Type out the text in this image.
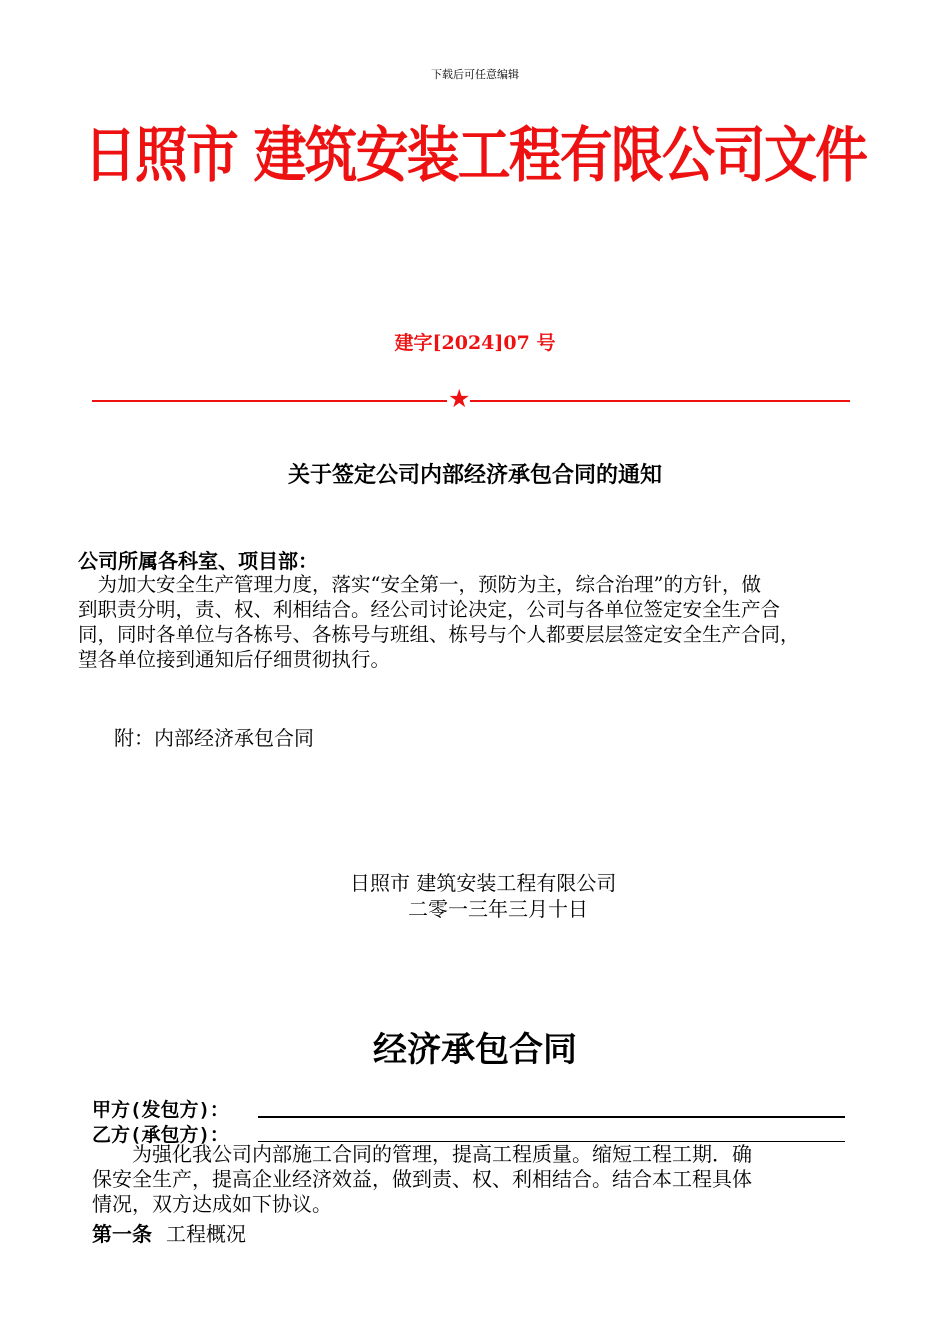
下载后可任意编辑
日照市 建筑安装工程有限公司文件
建字[2024]07 号
★
关于签定公司内部经济承包合同的通知
公司所属各科室、项目部：
　为加大安全生产管理力度，落实“安全第一，预防为主，综合治理”的方针，做
到职责分明，责、权、利相结合。经公司讨论决定，公司与各单位签定安全生产合
同，同时各单位与各栋号、各栋号与班组、栋号与个人都要层层签定安全生产合同，
望各单位接到通知后仔细贯彻执行。
附：内部经济承包合同
日照市 建筑安装工程有限公司
二零一三年三月十日
经济承包合同
甲方(发包方)：
乙方(承包方)：
　　为强化我公司内部施工合同的管理，提高工程质量。缩短工程工期．确
保安全生产，提高企业经济效益，做到责、权、利相结合。结合本工程具体
情况，双方达成如下协议。
第一条 工程概况
